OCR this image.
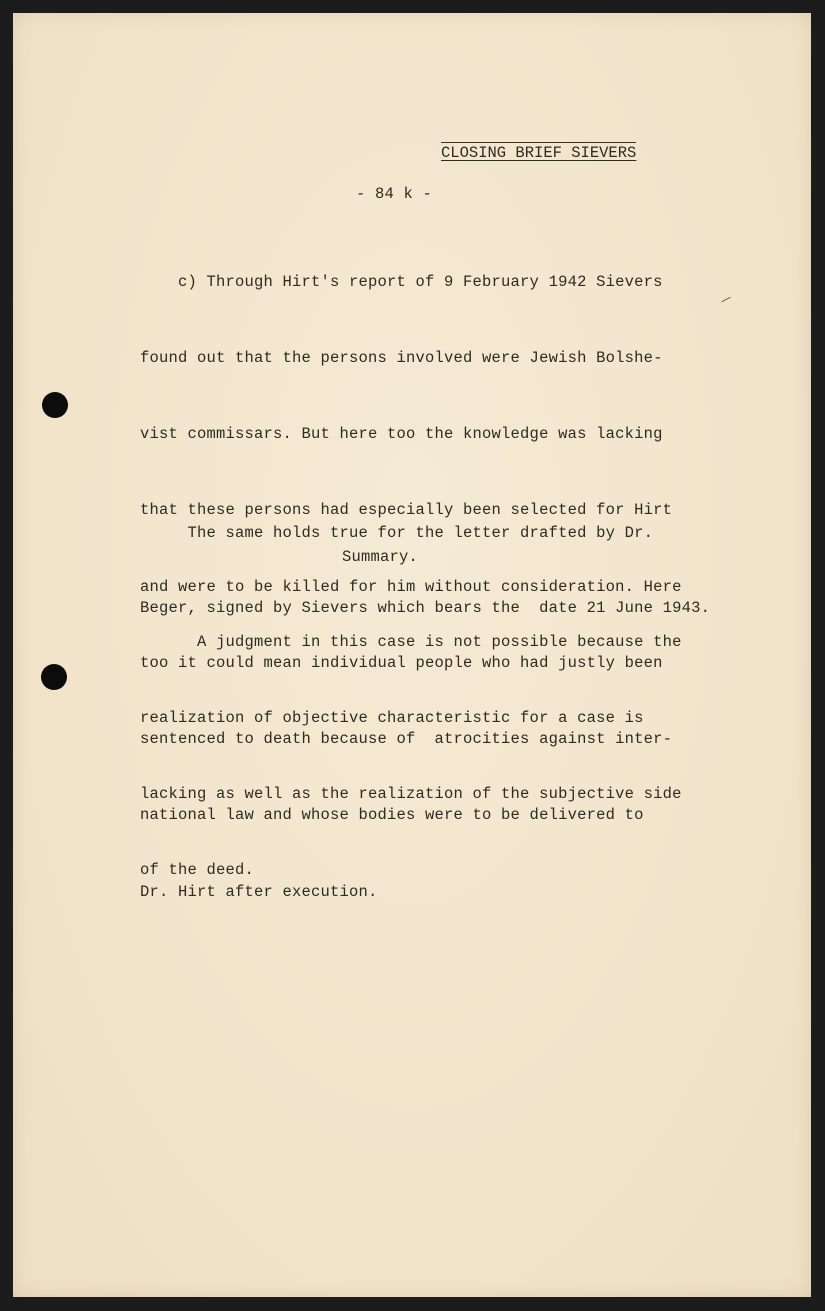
CLOSING BRIEF SIEVERS
- 84 k -

c) Through Hirt's report of 9 February 1942 Sievers

found out that the persons involved were Jewish Bolshe-

vist commissars. But here too the knowledge was lacking

that these persons had especially been selected for Hirt

and were to be killed for him without consideration. Here

too it could mean individual people who had justly been

sentenced to death because of  atrocities against inter-

national law and whose bodies were to be delivered to

Dr. Hirt after execution.

The same holds true for the letter drafted by Dr.

Beger, signed by Sievers which bears the  date 21 June 1943.

Summary.

A judgment in this case is not possible because the

realization of objective characteristic for a case is

lacking as well as the realization of the subjective side

of the deed.
